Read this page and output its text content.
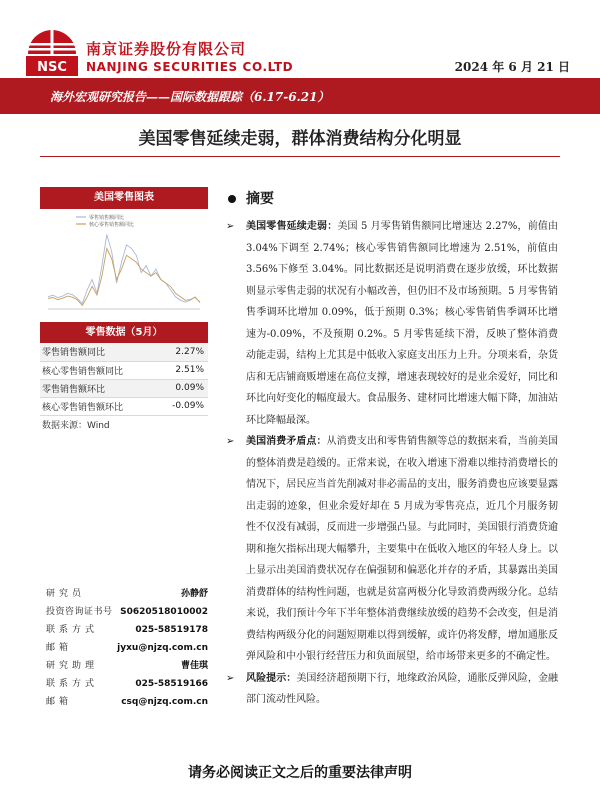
NSC
南京证券股份有限公司
NANJING SECURITIES CO.LTD	2024 年 6 月 21 日
海外宏观研究报告——国际数据跟踪（6.17-6.21）
美国零售延续走弱，群体消费结构分化明显
美国零售图表
零售销售额同比
核心零售销售额同比
零售数据（5月）
零售销售额同比	2.27%
核心零售销售额同比	2.51%
零售销售额环比	0.09%
核心零售销售额环比	-0.09%
数据来源：Wind	
研究员	孙静舒
投资咨询证书号 S0620518010002
联系方式	025-58519178
邮箱	jyxu@njzq.com.cn
研究助理	曹佳琪
联系方式	025-58519166
邮箱	csq@njzq.com.cn
摘要
➢ 美国零售延续走弱：美国 5 月零售销售额同比增速达 2.27%，前值由 3.04%下调至 2.74%；核心零售销售额同比增速为 2.51%，前值由 3.56%下修至 3.04%。同比数据还是说明消费在逐步放缓，环比数据则显示零售走弱的状况有小幅改善，但仍旧不及市场预期。5 月零售销售季调环比增加 0.09%，低于预期 0.3%；核心零售销售季调环比增速为-0.09%，不及预期 0.2%。5 月零售延续下滑，反映了整体消费动能走弱，结构上尤其是中低收入家庭支出压力上升。分项来看，杂货店和无店铺商贩增速在高位支撑，增速表现较好的是业余爱好，同比和环比向好变化的幅度最大。食品服务、建材同比增速大幅下降，加油站环比降幅最深。
➢ 美国消费矛盾点：从消费支出和零售销售额等总的数据来看，当前美国的整体消费是趋缓的。正常来说，在收入增速下滑难以维持消费增长的情况下，居民应当首先削减对非必需品的支出，服务消费也应该要显露出走弱的迹象，但业余爱好却在 5 月成为零售亮点，近几个月服务韧性不仅没有减弱，反而进一步增强凸显。与此同时，美国银行消费贷逾期和拖欠指标出现大幅攀升，主要集中在低收入地区的年轻人身上。以上显示出美国消费状况存在偏强韧和偏恶化并存的矛盾，其暴露出美国消费群体的结构性问题，也就是贫富两极分化导致消费两级分化。总结来说，我们预计今年下半年整体消费继续放缓的趋势不会改变，但是消费结构两级分化的问题短期难以得到缓解，或许仍将发酵，增加通胀反弹风险和中小银行经营压力和负面展望，给市场带来更多的不确定性。
➢ 风险提示：美国经济超预期下行，地缘政治风险，通胀反弹风险，金融部门流动性风险。
请务必阅读正文之后的重要法律声明
